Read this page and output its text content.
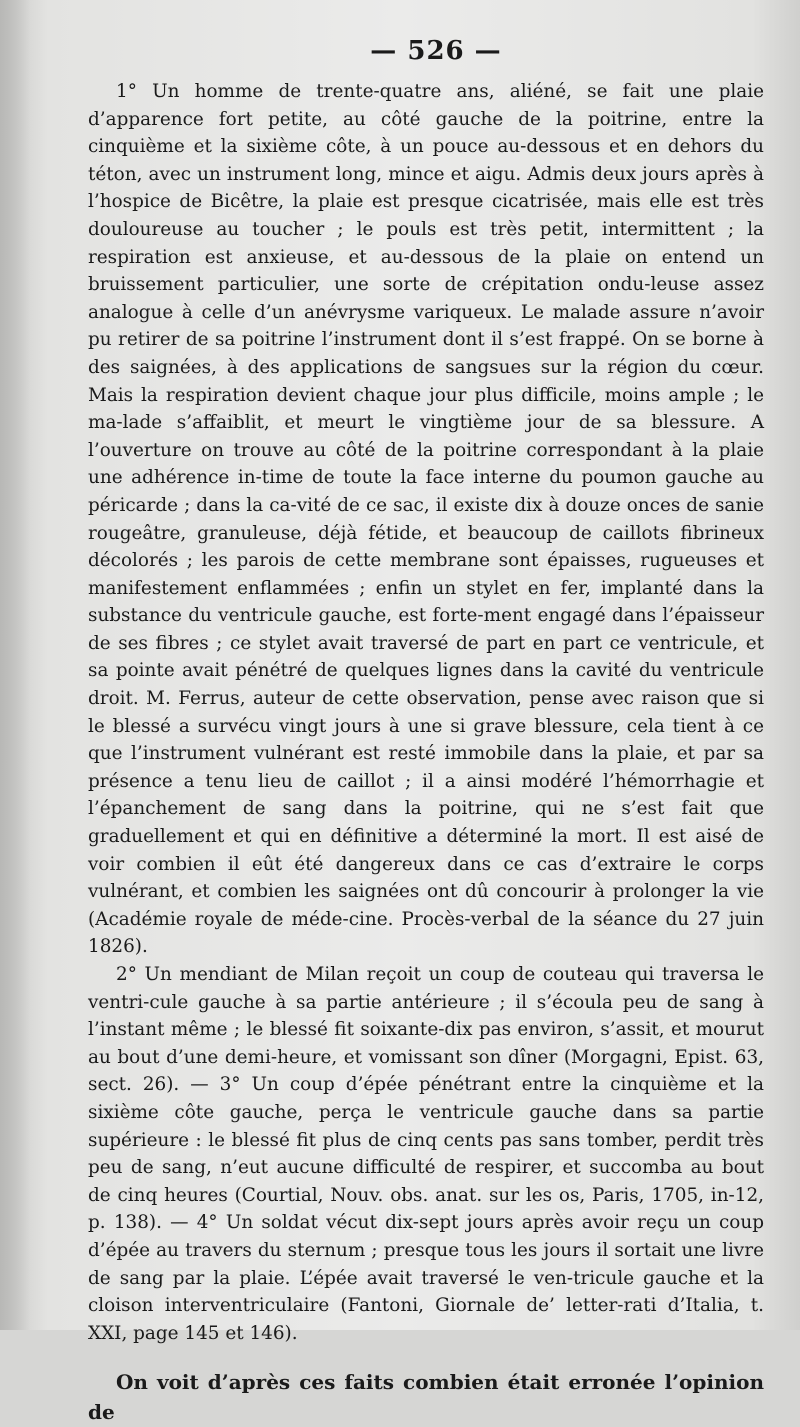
— 526 —

1° Un homme de trente-quatre ans, aliéné, se fait une plaie d’apparence fort petite, au côté gauche de la poitrine, entre la cinquième et la sixième côte, à un pouce au-dessous et en dehors du téton, avec un instrument long, mince et aigu. Admis deux jours après à l’hospice de Bicêtre, la plaie est presque cicatrisée, mais elle est très douloureuse au toucher ; le pouls est très petit, intermittent ; la respiration est anxieuse, et au-dessous de la plaie on entend un bruissement particulier, une sorte de crépitation ondu-leuse assez analogue à celle d’un anévrysme variqueux. Le malade assure n’avoir pu retirer de sa poitrine l’instrument dont il s’est frappé. On se borne à des saignées, à des applications de sangsues sur la région du cœur. Mais la respiration devient chaque jour plus difficile, moins ample ; le ma-lade s’affaiblit, et meurt le vingtième jour de sa blessure. A l’ouverture on trouve au côté de la poitrine correspondant à la plaie une adhérence in-time de toute la face interne du poumon gauche au péricarde ; dans la ca-vité de ce sac, il existe dix à douze onces de sanie rougeâtre, granuleuse, déjà fétide, et beaucoup de caillots fibrineux décolorés ; les parois de cette membrane sont épaisses, rugueuses et manifestement enflammées ; enfin un stylet en fer, implanté dans la substance du ventricule gauche, est forte-ment engagé dans l’épaisseur de ses fibres ; ce stylet avait traversé de part en part ce ventricule, et sa pointe avait pénétré de quelques lignes dans la cavité du ventricule droit. M. Ferrus, auteur de cette observation, pense avec raison que si le blessé a survécu vingt jours à une si grave blessure, cela tient à ce que l’instrument vulnérant est resté immobile dans la plaie, et par sa présence a tenu lieu de caillot ; il a ainsi modéré l’hémorrhagie et l’épanchement de sang dans la poitrine, qui ne s’est fait que graduellement et qui en définitive a déterminé la mort. Il est aisé de voir combien il eût été dangereux dans ce cas d’extraire le corps vulnérant, et combien les saignées ont dû concourir à prolonger la vie (Académie royale de méde-cine. Procès-verbal de la séance du 27 juin 1826).

2° Un mendiant de Milan reçoit un coup de couteau qui traversa le ventri-cule gauche à sa partie antérieure ; il s’écoula peu de sang à l’instant même ; le blessé fit soixante-dix pas environ, s’assit, et mourut au bout d’une demi-heure, et vomissant son dîner (Morgagni, Epist. 63, sect. 26). — 3° Un coup d’épée pénétrant entre la cinquième et la sixième côte gauche, perça le ventricule gauche dans sa partie supérieure : le blessé fit plus de cinq cents pas sans tomber, perdit très peu de sang, n’eut aucune difficulté de respirer, et succomba au bout de cinq heures (Courtial, Nouv. obs. anat. sur les os, Paris, 1705, in-12, p. 138). — 4° Un soldat vécut dix-sept jours après avoir reçu un coup d’épée au travers du sternum ; presque tous les jours il sortait une livre de sang par la plaie. L’épée avait traversé le ven-tricule gauche et la cloison interventriculaire (Fantoni, Giornale de’ letter-rati d’Italia, t. XXI, page 145 et 146).

On voit d’après ces faits combien était erronée l’opinion de
